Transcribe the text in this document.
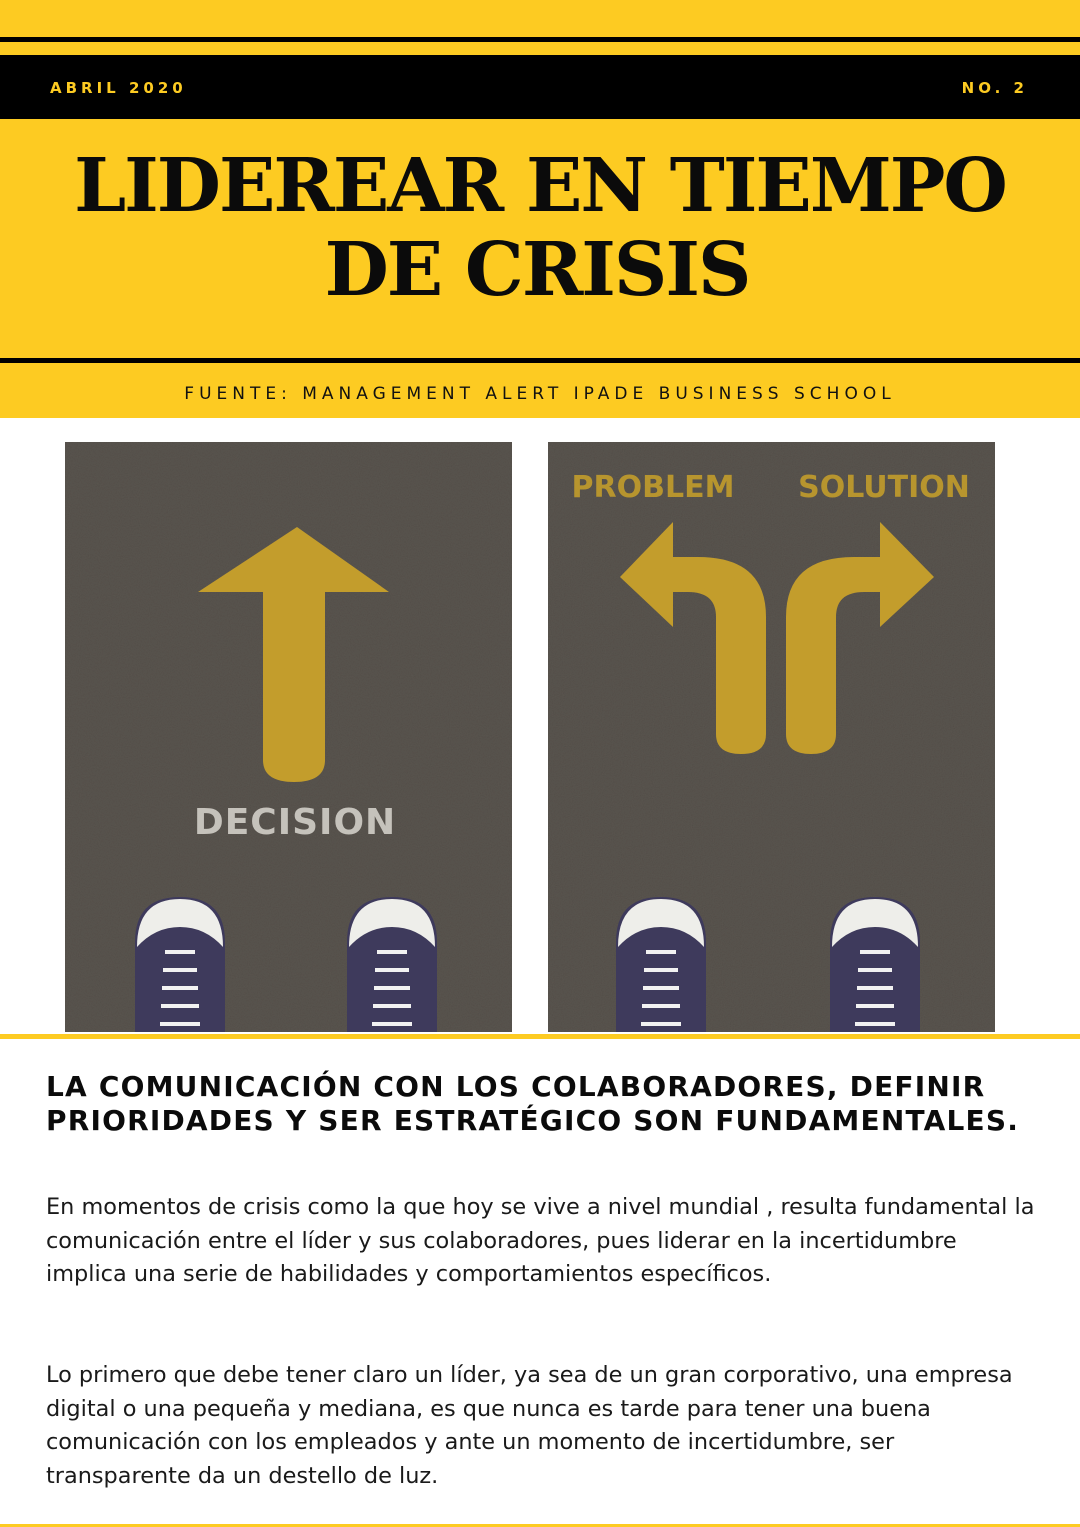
ABRIL 2020	NO. 2
LIDEREAR EN TIEMPO
DE CRISIS
FUENTE: MANAGEMENT ALERT IPADE BUSINESS SCHOOL
DECISION
PROBLEM SOLUTION
LA COMUNICACIÓN CON LOS COLABORADORES, DEFINIR PRIORIDADES Y SER ESTRATÉGICO SON FUNDAMENTALES.

En momentos de crisis como la que hoy se vive a nivel mundial , resulta fundamental la comunicación entre el líder y sus colaboradores, pues liderar en la incertidumbre implica una serie de habilidades y comportamientos específicos.

Lo primero que debe tener claro un líder, ya sea de un gran corporativo, una empresa digital o una pequeña y mediana, es que nunca es tarde para tener una buena comunicación con los empleados y ante un momento de incertidumbre, ser transparente da un destello de luz.
